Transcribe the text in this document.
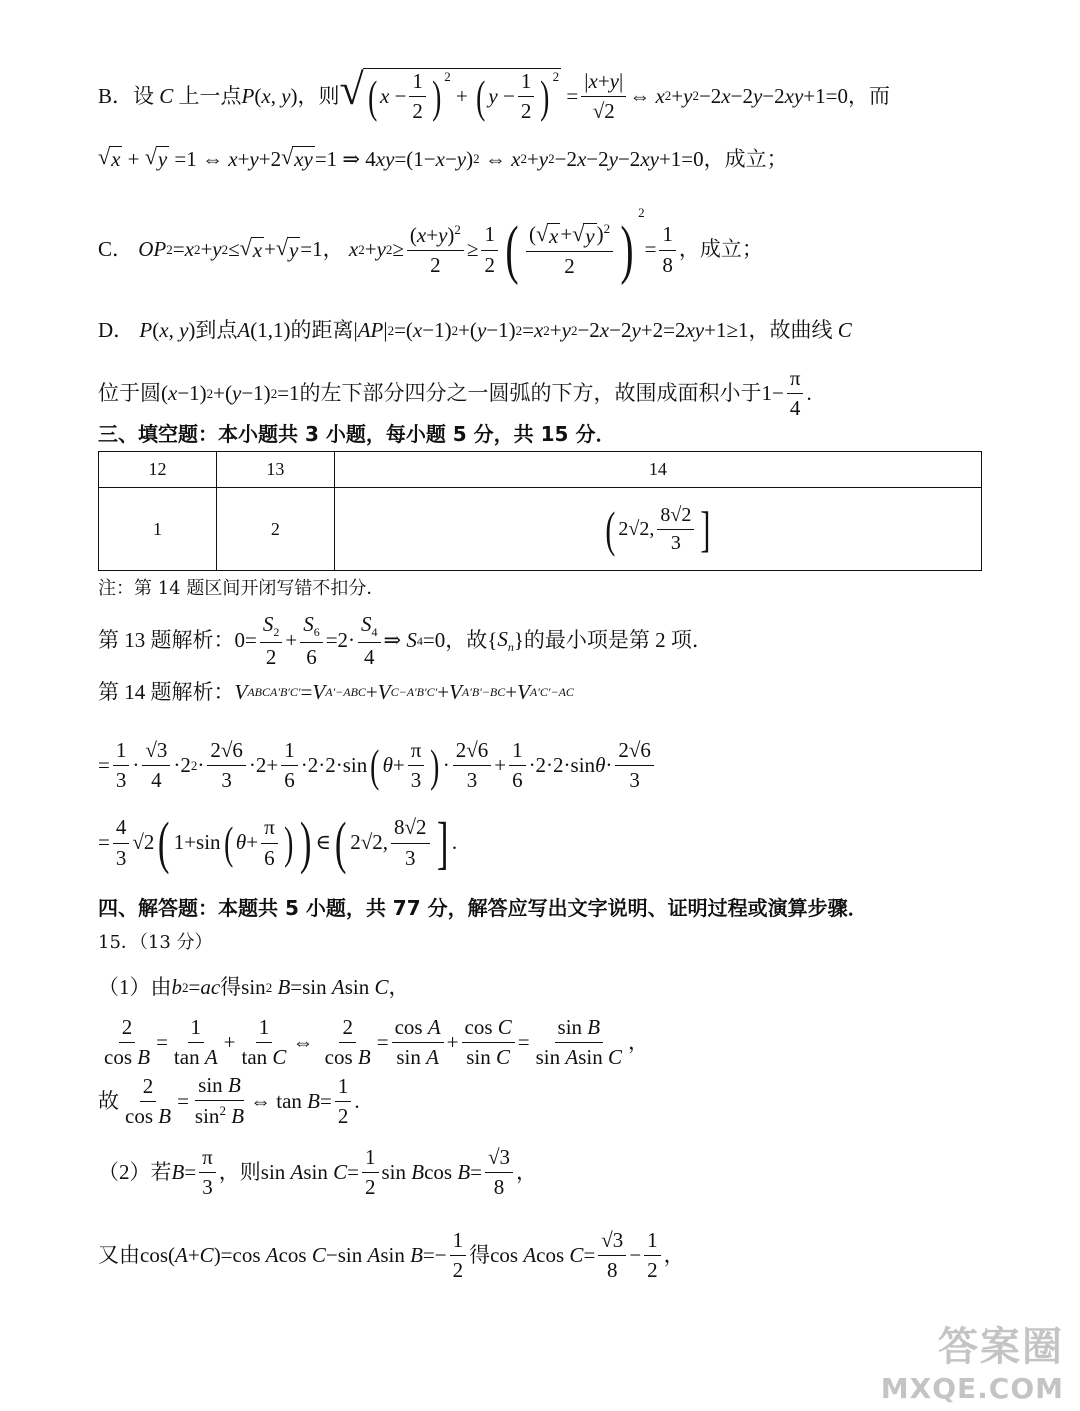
B．设 C 上一点 P ( x , y ) ，则 √ ( $x - \frac{1}{2} )^2$
+ ( $y - \frac{1}{2} )^2$
= $\frac{|x+y|}{√2}$ ⇔ x 2 + y 2 −2 x −2 y −2 xy +1=0 ，而
√ x + √ y =1 ⇔ x + y +2 √ xy =1 ⇒ 4 xy =(1− x − y ) 2 ⇔ x 2 + y 2 −2 x −2 y −2 xy +1=0 ，成立；
C．
OP 2 = x 2 + y 2 ≤ √ x + √ y =1， x 2 + y $2 \ge \frac{(x+y)^2}{2} \ge \frac{1}{2}$ ( $\frac{( √ x + √ y )^2}{2}$ )
$^2$
= $\frac{1}{8}$ ，成立；
D．
P ( x , y ) 到点 A (1,1) 的距离 | AP | 2 =( x −1) 2 +( y −1) 2 = x 2 + y 2 −2 x −2 y +2=2 xy +1≥1 ，故曲线 C
位于圆 ( x −1) 2 +( y −1) 2 =1 的左下部分四分之一圆弧的下方，故围成面积小于 $1- \frac{\pi}{4}$ .
三、填空题：本小题共 3 小题，每小题 5 分，共 15 分．
12	13	14
1	2	( 2√2, $\frac{8√2}{3}$ ]
注：第 14 题区间开闭写错不扣分．
第 13 题解析： $0= \frac{S_2}{2} + \frac{S_6}{6} =2\cdot \frac{S_4}{4}$ ⇒ S 4 =0 ，故 { $S_n$ } 的最小项是第 2 项．
第 14 题解析： V ABCA′B′C′ = V A′−ABC + V C−A′B′C′ + V A′B′−BC + V A′C′−AC
= $\frac{1}{3} \cdot \frac{√3}{4} \cdot 2$ $2 \cdot \frac{2√6}{3} \cdot 2+ \frac{1}{6} \cdot 2\cdot 2\cdot\sin$ ( $\theta + \frac{\pi}{3}$ ) · $\frac{2√6}{3} + \frac{1}{6} \cdot 2\cdot 2\cdot\sin$ $\theta \cdot \frac{2√6}{3}$
= $\frac{4}{3} √2$ ( 1+sin ( $\theta + \frac{\pi}{6}$ ) ) ∈ ( 2√2, $\frac{8√2}{3}$ ] .
四、解答题：本题共 5 小题，共 77 分，解答应写出文字说明、证明过程或演算步骤．
15．（13 分）
（1）由 b 2 = ac 得 sin 2
B =sin A sin C ，
$\frac{2}{\text{cos B}} = \frac{1}{\text{tan A}} + \frac{1}{\text{tan C}}$ ⇔ $\frac{2}{\text{cos B}} = \frac{\text{cos A}}{\text{sin A}} + \frac{\text{cos C}}{\text{sin C}} = \frac{\text{sin B}}{\text{sin Asin C}}$ ，
故 $\frac{2}{\text{cos B}} = \frac{\text{sin B}}{\sin^2 B}$ ⇔ $\tan B = \frac{1}{2}$ .
（2）若 $B = \frac{\pi}{3}$ ，则 sin A $\sin C = \frac{1}{2}$ sin B $\cos B = \frac{√3}{8}$ ，
又由 cos( A + C )=cos A cos C −sin A $\sin B =- \frac{1}{2}$ 得 cos A $\cos C = \frac{√3}{8} - \frac{1}{2}$ ，
答案圈
MXQE.COM
